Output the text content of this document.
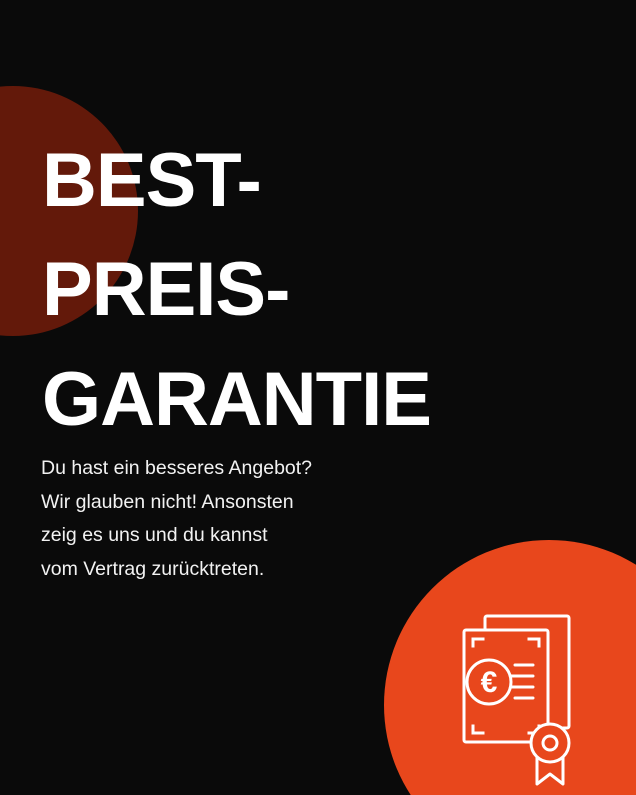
BEST-
PREIS-
GARANTIE
Du hast ein besseres Angebot?
Wir glauben nicht! Ansonsten
zeig es uns und du kannst
vom Vertrag zurücktreten.
€
